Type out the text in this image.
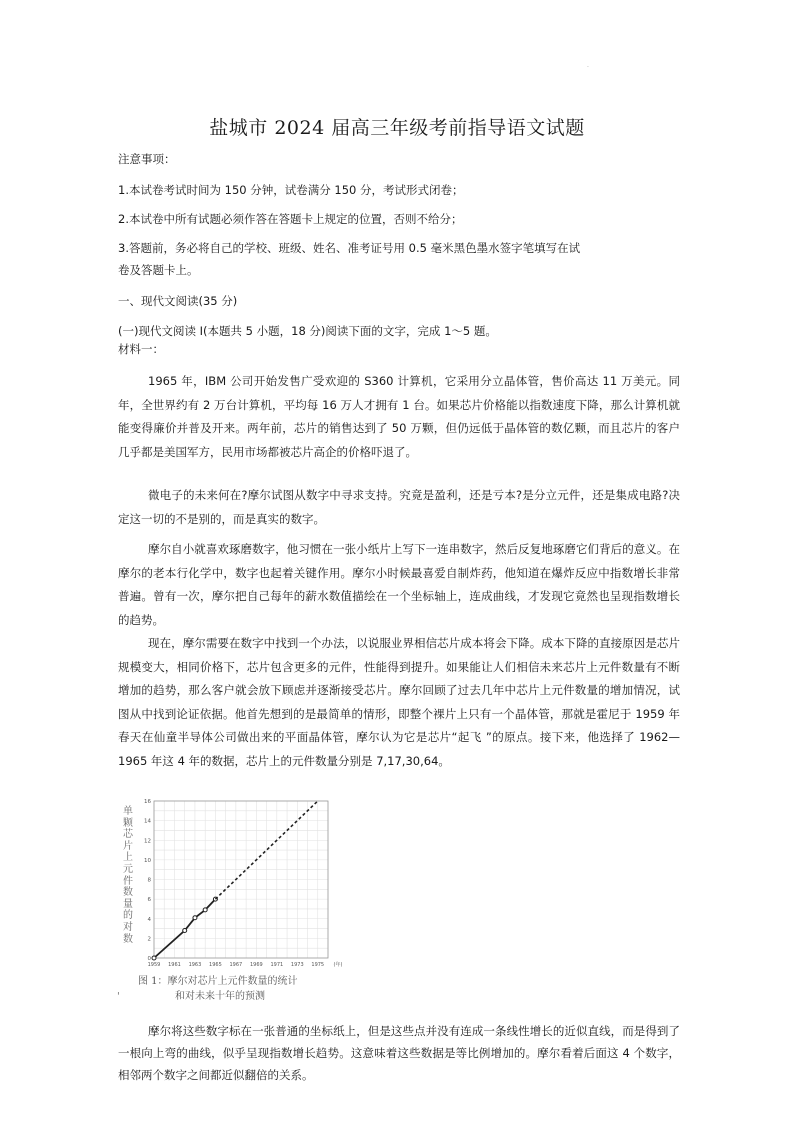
·
盐城市 2024 届高三年级考前指导语文试题
注意事项：
1.本试卷考试时间为 150 分钟，试卷满分 150 分，考试形式闭卷；
2.本试卷中所有试题必须作答在答题卡上规定的位置，否则不给分；
3.答题前，务必将自己的学校、班级、姓名、准考证号用 0.5 毫米黑色墨水签字笔填写在试
卷及答题卡上。
一、现代文阅读(35 分)
(一)现代文阅读 I(本题共 5 小题，18 分)阅读下面的文字，完成 1～5 题。
材料一：
1965 年，IBM 公司开始发售广受欢迎的 S360 计算机，它采用分立晶体管，售价高达 11 万美元。同年，全世界约有 2 万台计算机，平均每 16 万人才拥有 1 台。如果芯片价格能以指数速度下降，那么计算机就能变得廉价并普及开来。两年前，芯片的销售达到了 50 万颗，但仍远低于晶体管的数亿颗，而且芯片的客户几乎都是美国军方，民用市场都被芯片高企的价格吓退了。
微电子的未来何在?摩尔试图从数字中寻求支持。究竟是盈利，还是亏本?是分立元件，还是集成电路?决定这一切的不是别的，而是真实的数字。
摩尔自小就喜欢琢磨数字，他习惯在一张小纸片上写下一连串数字，然后反复地琢磨它们背后的意义。在摩尔的老本行化学中，数字也起着关键作用。摩尔小时候最喜爱自制炸药，他知道在爆炸反应中指数增长非常普遍。曾有一次，摩尔把自己每年的薪水数值描绘在一个坐标轴上，连成曲线，才发现它竟然也呈现指数增长的趋势。
现在，摩尔需要在数字中找到一个办法，以说服业界相信芯片成本将会下降。成本下降的直接原因是芯片规模变大，相同价格下，芯片包含更多的元件，性能得到提升。如果能让人们相信未来芯片上元件数量有不断增加的趋势，那么客户就会放下顾虑并逐渐接受芯片。摩尔回顾了过去几年中芯片上元件数量的增加情况，试图从中找到论证依据。他首先想到的是最简单的情形，即整个裸片上只有一个晶体管，那就是霍尼于 1959 年春天在仙童半导体公司做出来的平面晶体管，摩尔认为它是芯片“起飞 ”的原点。接下来，他选择了 1962—1965 年这 4 年的数据，芯片上的元件数量分别是 7,17,30,64。
单颗芯片上元件数量的对数
0
2
4
6
8
10
12
14
16
1959 1961 1963 1965 1967 1969 1971 1973 1975 (年)
图 1：摩尔对芯片上元件数量的统计
和对未来十年的预测
'
摩尔将这些数字标在一张普通的坐标纸上，但是这些点并没有连成一条线性增长的近似直线，而是得到了一根向上弯的曲线，似乎呈现指数增长趋势。这意味着这些数据是等比例增加的。摩尔看着后面这 4 个数字，相邻两个数字之间都近似翻倍的关系。
